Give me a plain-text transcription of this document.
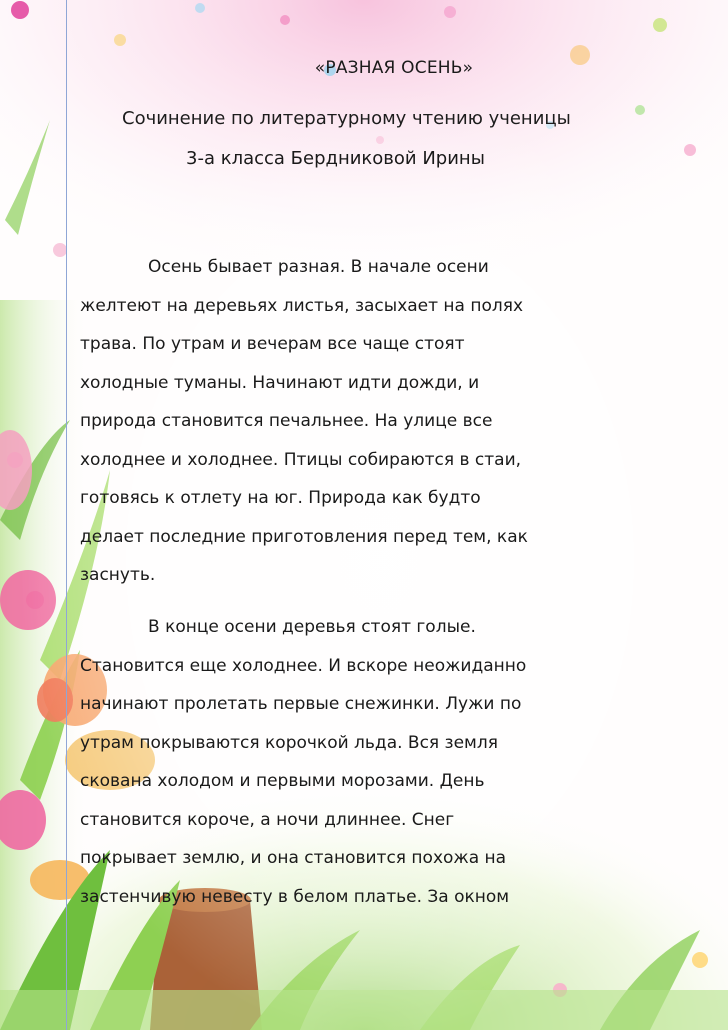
«РАЗНАЯ ОСЕНЬ»
Сочинение по литературному чтению ученицы
3-а класса Бердниковой Ирины

Осень бывает разная. В начале осени

желтеют на деревьях листья, засыхает на полях

трава. По утрам и вечерам все чаще стоят

холодные туманы. Начинают идти дожди, и

природа становится печальнее. На улице все

холоднее и холоднее. Птицы собираются в стаи,

готовясь к отлету на юг. Природа как будто

делает последние приготовления перед тем, как

заснуть.

В конце осени деревья стоят голые.

Становится еще холоднее. И вскоре неожиданно

начинают пролетать первые снежинки. Лужи по

утрам покрываются корочкой льда. Вся земля

скована холодом и первыми морозами. День

становится короче, а ночи длиннее. Снег

покрывает землю, и она становится похожа на

застенчивую невесту в белом платье. За окном
